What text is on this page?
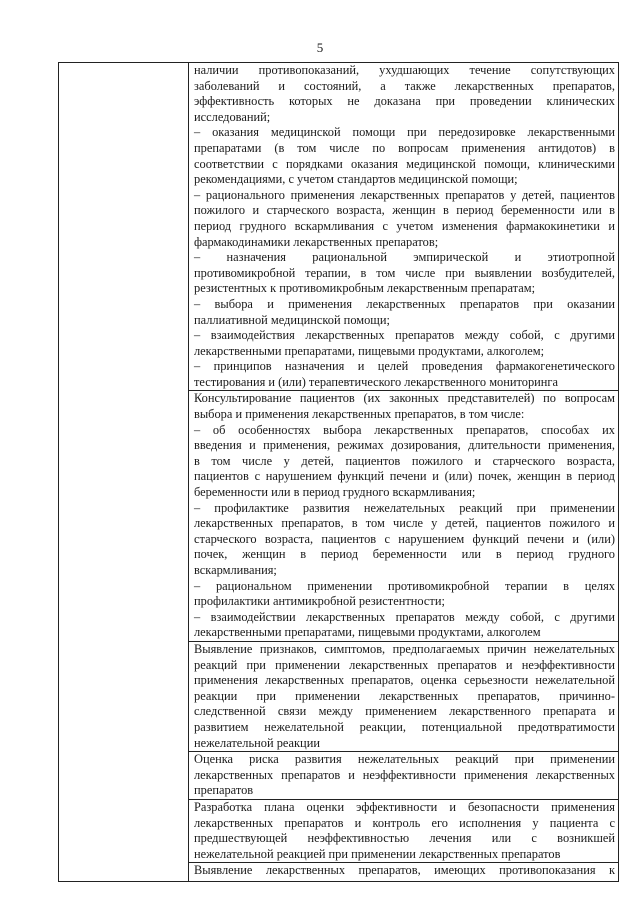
5

наличии противопоказаний, ухудшающих течение сопутствующих
заболеваний и состояний, а также лекарственных препаратов,
эффективность которых не доказана при проведении клинических
исследований;
– оказания медицинской помощи при передозировке лекарственными
препаратами (в том числе по вопросам применения антидотов) в
соответствии с порядками оказания медицинской помощи, клиническими
рекомендациями, с учетом стандартов медицинской помощи;
– рационального применения лекарственных препаратов у детей, пациентов
пожилого и старческого возраста, женщин в период беременности или в
период грудного вскармливания с учетом изменения фармакокинетики и
фармакодинамики лекарственных препаратов;
– назначения рациональной эмпирической и этиотропной
противомикробной терапии, в том числе при выявлении возбудителей,
резистентных к противомикробным лекарственным препаратам;
– выбора и применения лекарственных препаратов при оказании
паллиативной медицинской помощи;
– взаимодействия лекарственных препаратов между собой, с другими
лекарственными препаратами, пищевыми продуктами, алкоголем;
– принципов назначения и целей проведения фармакогенетического
тестирования и (или) терапевтического лекарственного мониторинга

Консультирование пациентов (их законных представителей) по вопросам
выбора и применения лекарственных препаратов, в том числе:
– об особенностях выбора лекарственных препаратов, способах их
введения и применения, режимах дозирования, длительности применения,
в том числе у детей, пациентов пожилого и старческого возраста,
пациентов с нарушением функций печени и (или) почек, женщин в период
беременности или в период грудного вскармливания;
– профилактике развития нежелательных реакций при применении
лекарственных препаратов, в том числе у детей, пациентов пожилого и
старческого возраста, пациентов с нарушением функций печени и (или)
почек, женщин в период беременности или в период грудного
вскармливания;
– рациональном применении противомикробной терапии в целях
профилактики антимикробной резистентности;
– взаимодействии лекарственных препаратов между собой, с другими
лекарственными препаратами, пищевыми продуктами, алкоголем

Выявление признаков, симптомов, предполагаемых причин нежелательных
реакций при применении лекарственных препаратов и неэффективности
применения лекарственных препаратов, оценка серьезности нежелательной
реакции при применении лекарственных препаратов, причинно-
следственной связи между применением лекарственного препарата и
развитием нежелательной реакции, потенциальной предотвратимости
нежелательной реакции

Оценка риска развития нежелательных реакций при применении
лекарственных препаратов и неэффективности применения лекарственных
препаратов

Разработка плана оценки эффективности и безопасности применения
лекарственных препаратов и контроль его исполнения у пациента с
предшествующей неэффективностью лечения или с возникшей
нежелательной реакцией при применении лекарственных препаратов

Выявление лекарственных препаратов, имеющих противопоказания к
